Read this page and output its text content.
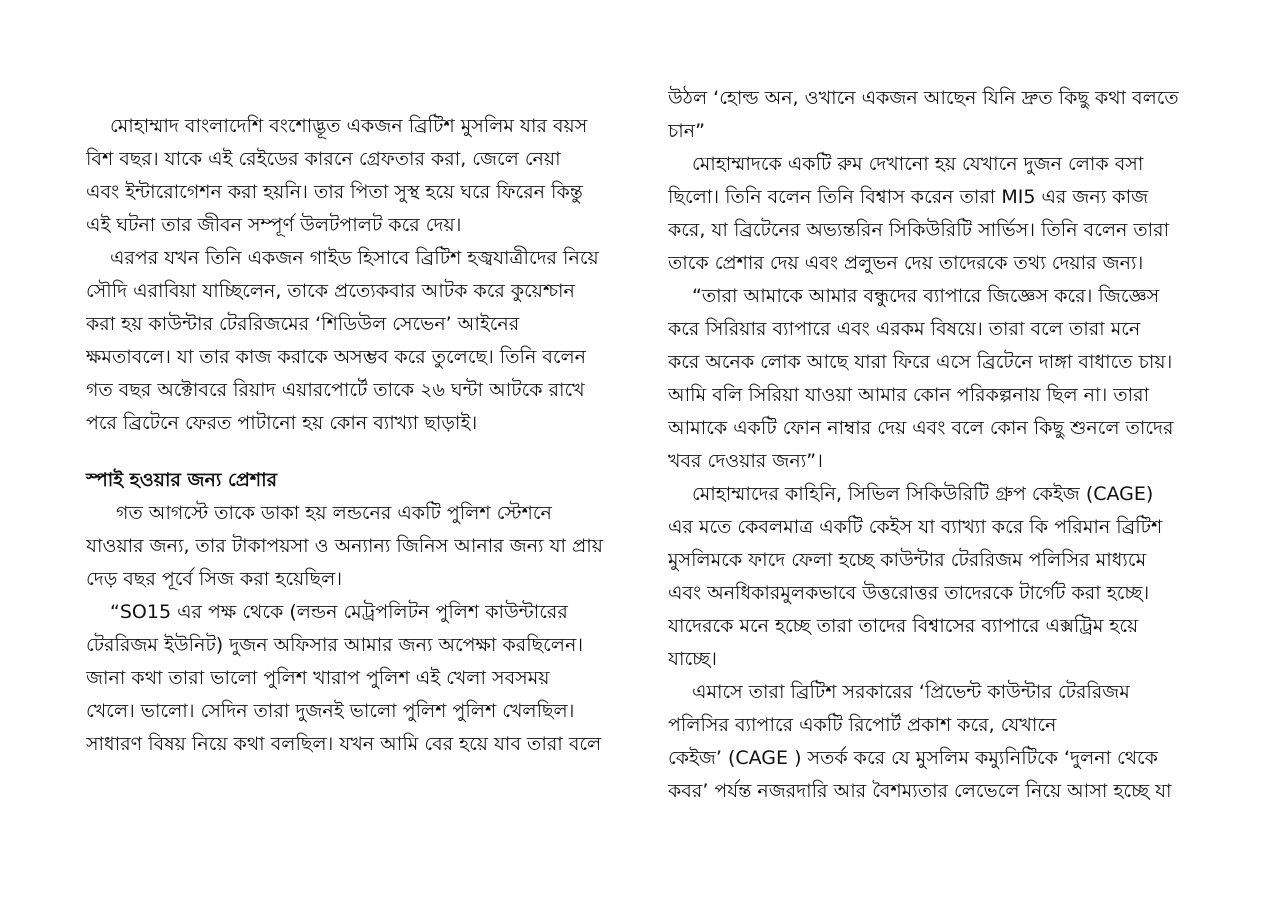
মোহাম্মাদ বাংলাদেশি বংশোদ্ভূত একজন ব্রিটিশ মুসলিম যার বয়স
বিশ বছর। যাকে এই রেইডের কারনে গ্রেফতার করা, জেলে নেয়া
এবং ইন্টারোগেশন করা হয়নি। তার পিতা সুস্থ হয়ে ঘরে ফিরেন কিন্তু
এই ঘটনা তার জীবন সম্পূর্ণ উলটপালট করে দেয়।
এরপর যখন তিনি একজন গাইড হিসাবে ব্রিটিশ হজ্বযাত্রীদের নিয়ে
সৌদি এরাবিয়া যাচ্ছিলেন, তাকে প্রত্যেকবার আটক করে কুয়েশ্চান
করা হয় কাউন্টার টেররিজমের ‘শিডিউল সেভেন’ আইনের
ক্ষমতাবলে। যা তার কাজ করাকে অসম্ভব করে তুলেছে। তিনি বলেন
গত বছর অক্টোবরে রিয়াদ এয়ারপোর্টে তাকে ২৬ ঘন্টা আটকে রাখে
পরে ব্রিটেনে ফেরত পাটানো হয় কোন ব্যাখ্যা ছাড়াই।
স্পাই হওয়ার জন্য প্রেশার
গত আগস্টে তাকে ডাকা হয় লন্ডনের একটি পুলিশ স্টেশনে
যাওয়ার জন্য, তার টাকাপয়সা ও অন্যান্য জিনিস আনার জন্য যা প্রায়
দেড় বছর পূর্বে সিজ করা হয়েছিল।
“SO15 এর পক্ষ থেকে (লন্ডন মেট্রপলিটন পুলিশ কাউন্টারের
টেররিজম ইউনিট) দুজন অফিসার আমার জন্য অপেক্ষা করছিলেন।
জানা কথা তারা ভালো পুলিশ খারাপ পুলিশ এই খেলা সবসময়
খেলে। ভালো। সেদিন তারা দুজনই ভালো পুলিশ পুলিশ খেলছিল।
সাধারণ বিষয় নিয়ে কথা বলছিল। যখন আমি বের হয়ে যাব তারা বলে
উঠল ‘হোল্ড অন, ওখানে একজন আছেন যিনি দ্রুত কিছু কথা বলতে
চান”
মোহাম্মাদকে একটি রুম দেখানো হয় যেখানে দুজন লোক বসা
ছিলো। তিনি বলেন তিনি বিশ্বাস করেন তারা MI5 এর জন্য কাজ
করে, যা ব্রিটেনের অভ্যন্তরিন সিকিউরিটি সার্ভিস। তিনি বলেন তারা
তাকে প্রেশার দেয় এবং প্রলুভন দেয় তাদেরকে তথ্য দেয়ার জন্য।
“তারা আমাকে আমার বন্ধুদের ব্যাপারে জিজ্ঞেস করে। জিজ্ঞেস
করে সিরিয়ার ব্যাপারে এবং এরকম বিষয়ে। তারা বলে তারা মনে
করে অনেক লোক আছে যারা ফিরে এসে ব্রিটেনে দাঙ্গা বাধাতে চায়।
আমি বলি সিরিয়া যাওয়া আমার কোন পরিকল্পনায় ছিল না। তারা
আমাকে একটি ফোন নাম্বার দেয় এবং বলে কোন কিছু শুনলে তাদের
খবর দেওয়ার জন্য”।
মোহাম্মাদের কাহিনি, সিভিল সিকিউরিটি গ্রুপ কেইজ (CAGE)
এর মতে কেবলমাত্র একটি কেইস যা ব্যাখ্যা করে কি পরিমান ব্রিটিশ
মুসলিমকে ফাদে ফেলা হচ্ছে কাউন্টার টেররিজম পলিসির মাধ্যমে
এবং অনধিকারমুলকভাবে উত্তরোত্তর তাদেরকে টার্গেট করা হচ্ছে।
যাদেরকে মনে হচ্ছে তারা তাদের বিশ্বাসের ব্যাপারে এক্সট্রিম হয়ে
যাচ্ছে।
এমাসে তারা ব্রিটিশ সরকারের ‘প্রিভেন্ট কাউন্টার টেররিজম
পলিসির ব্যাপারে একটি রিপোর্ট প্রকাশ করে, যেখানে
কেইজ’ (CAGE ) সতর্ক করে যে মুসলিম কম্যুনিটিকে ‘দুলনা থেকে
কবর’ পর্যন্ত নজরদারি আর বৈশম্যতার লেভেলে নিয়ে আসা হচ্ছে যা
